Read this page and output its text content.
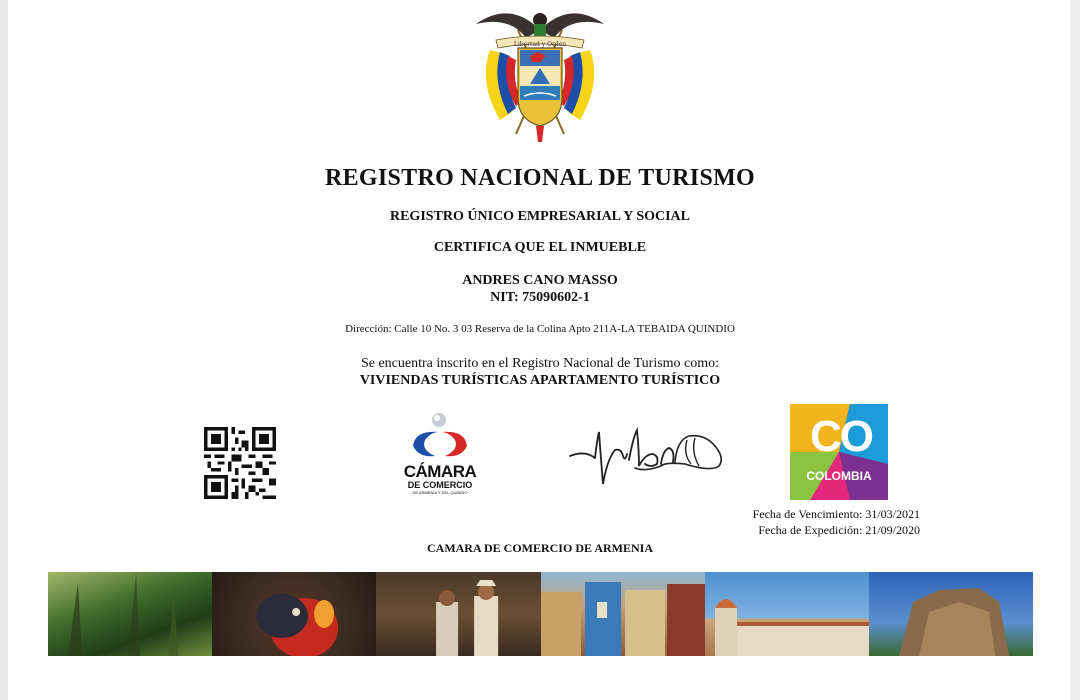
Libertad y Orden
REGISTRO NACIONAL DE TURISMO
REGISTRO ÚNICO EMPRESARIAL Y SOCIAL
CERTIFICA QUE EL INMUEBLE
ANDRES CANO MASSO
NIT: 75090602-1
Dirección: Calle 10 No. 3 03 Reserva de la Colina Apto 211A-LA TEBAIDA QUINDIO
Se encuentra inscrito en el Registro Nacional de Turismo como:
VIVIENDAS TURÍSTICAS APARTAMENTO TURÍSTICO
CÁMARA
DE COMERCIO
DE ARMENIA Y DEL QUINDIO
CO
COLOMBIA
Fecha de Vencimiento: 31/03/2021
Fecha de Expedición: 21/09/2020
CAMARA DE COMERCIO DE ARMENIA
